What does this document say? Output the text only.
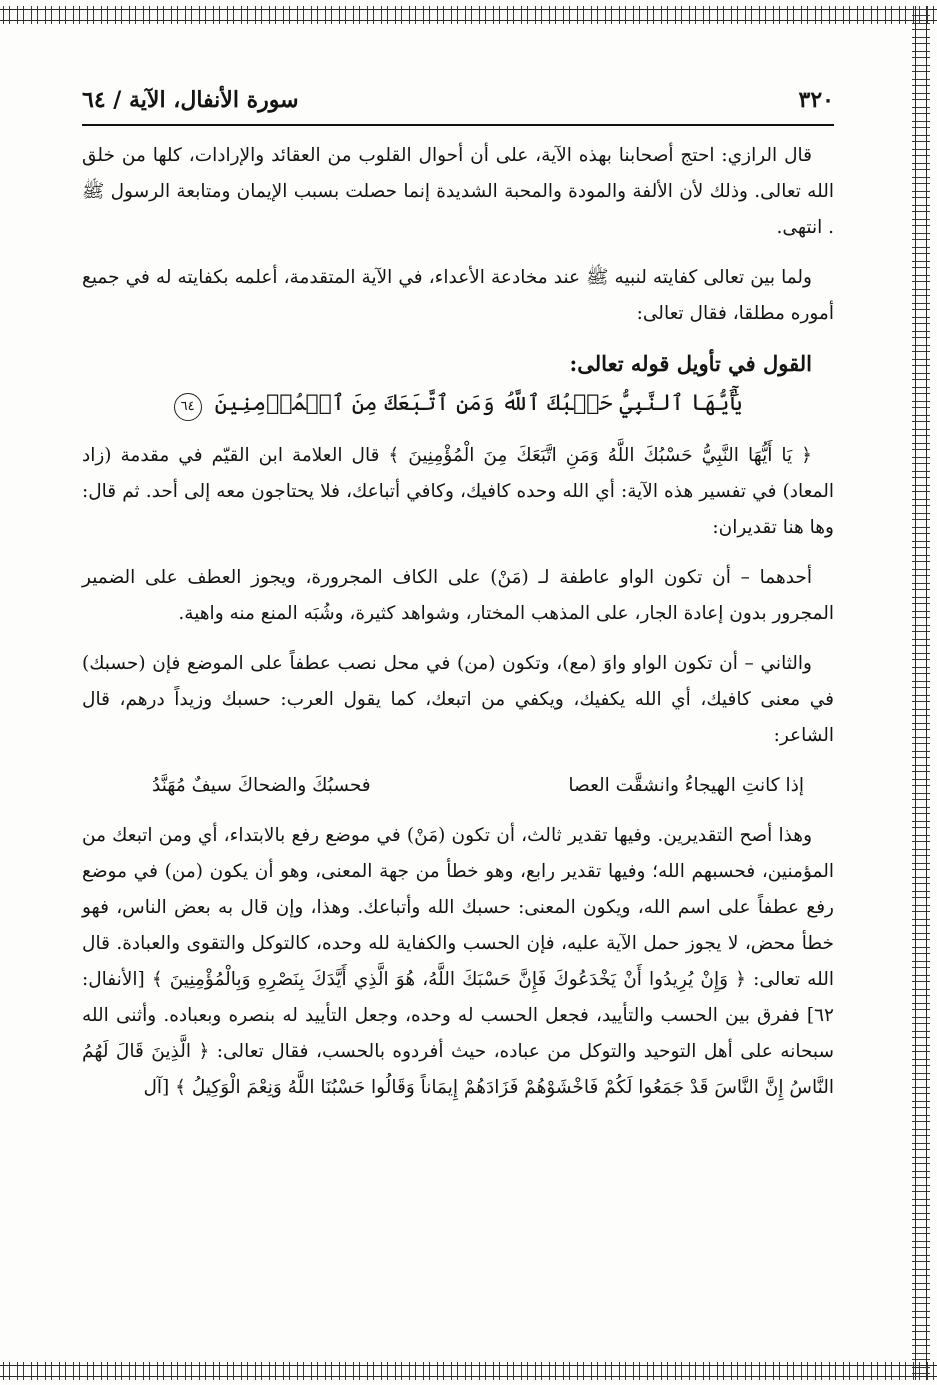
٣٢٠
سورة الأنفال، الآية / ٦٤

قال الرازي: احتج أصحابنا بهذه الآية، على أن أحوال القلوب من العقائد والإرادات، كلها من خلق الله تعالى. وذلك لأن الألفة والمودة والمحبة الشديدة إنما حصلت بسبب الإيمان ومتابعة الرسول ﷺ . انتهى.

ولما بين تعالى كفايته لنبيه ﷺ عند مخادعة الأعداء، في الآية المتقدمة، أعلمه بكفايته له في جميع أموره مطلقا، فقال تعالى:

القول في تأويل قوله تعالى:
يَٰٓأَيُّهَا ٱلنَّبِيُّ حَسۡبُكَ ٱللَّهُ وَمَنِ ٱتَّبَعَكَ مِنَ ٱلۡمُؤۡمِنِينَ ٦٤

﴿ يَا أَيُّهَا النَّبِيُّ حَسْبُكَ اللَّهُ وَمَنِ اتَّبَعَكَ مِنَ الْمُؤْمِنِينَ ﴾ قال العلامة ابن القيّم في مقدمة (زاد المعاد) في تفسير هذه الآية: أي الله وحده كافيك، وكافي أتباعك، فلا يحتاجون معه إلى أحد. ثم قال: وها هنا تقديران:

أحدهما – أن تكون الواو عاطفة لـ (مَنْ) على الكاف المجرورة، ويجوز العطف على الضمير المجرور بدون إعادة الجار، على المذهب المختار، وشواهد كثيرة، وشُبَه المنع منه واهية.

والثاني – أن تكون الواو واوَ (مع)، وتكون (من) في محل نصب عطفاً على الموضع فإن (حسبك) في معنى كافيك، أي الله يكفيك، ويكفي من اتبعك، كما يقول العرب: حسبك وزيداً درهم، قال الشاعر:

إذا كانتِ الهيجاءُ وانشقَّت العصا
فحسبُكَ والضحاكَ سيفٌ مُهَنَّدُ

وهذا أصح التقديرين. وفيها تقدير ثالث، أن تكون (مَنْ) في موضع رفع بالابتداء، أي ومن اتبعك من المؤمنين، فحسبهم الله؛ وفيها تقدير رابع، وهو خطأ من جهة المعنى، وهو أن يكون (من) في موضع رفع عطفاً على اسم الله، ويكون المعنى: حسبك الله وأتباعك. وهذا، وإن قال به بعض الناس، فهو خطأ محض، لا يجوز حمل الآية عليه، فإن الحسب والكفاية لله وحده، كالتوكل والتقوى والعبادة. قال الله تعالى: ﴿ وَإِنْ يُرِيدُوا أَنْ يَخْدَعُوكَ فَإِنَّ حَسْبَكَ اللَّهُ، هُوَ الَّذِي أَيَّدَكَ بِنَصْرِهِ وَبِالْمُؤْمِنِينَ ﴾ [الأنفال: ٦٢] ففرق بين الحسب والتأييد، فجعل الحسب له وحده، وجعل التأييد له بنصره وبعباده. وأثنى الله سبحانه على أهل التوحيد والتوكل من عباده، حيث أفردوه بالحسب، فقال تعالى: ﴿ الَّذِينَ قَالَ لَهُمُ النَّاسُ إِنَّ النَّاسَ قَدْ جَمَعُوا لَكُمْ فَاخْشَوْهُمْ فَزَادَهُمْ إِيمَاناً وَقَالُوا حَسْبُنَا اللَّهُ وَنِعْمَ الْوَكِيلُ ﴾ [آل
